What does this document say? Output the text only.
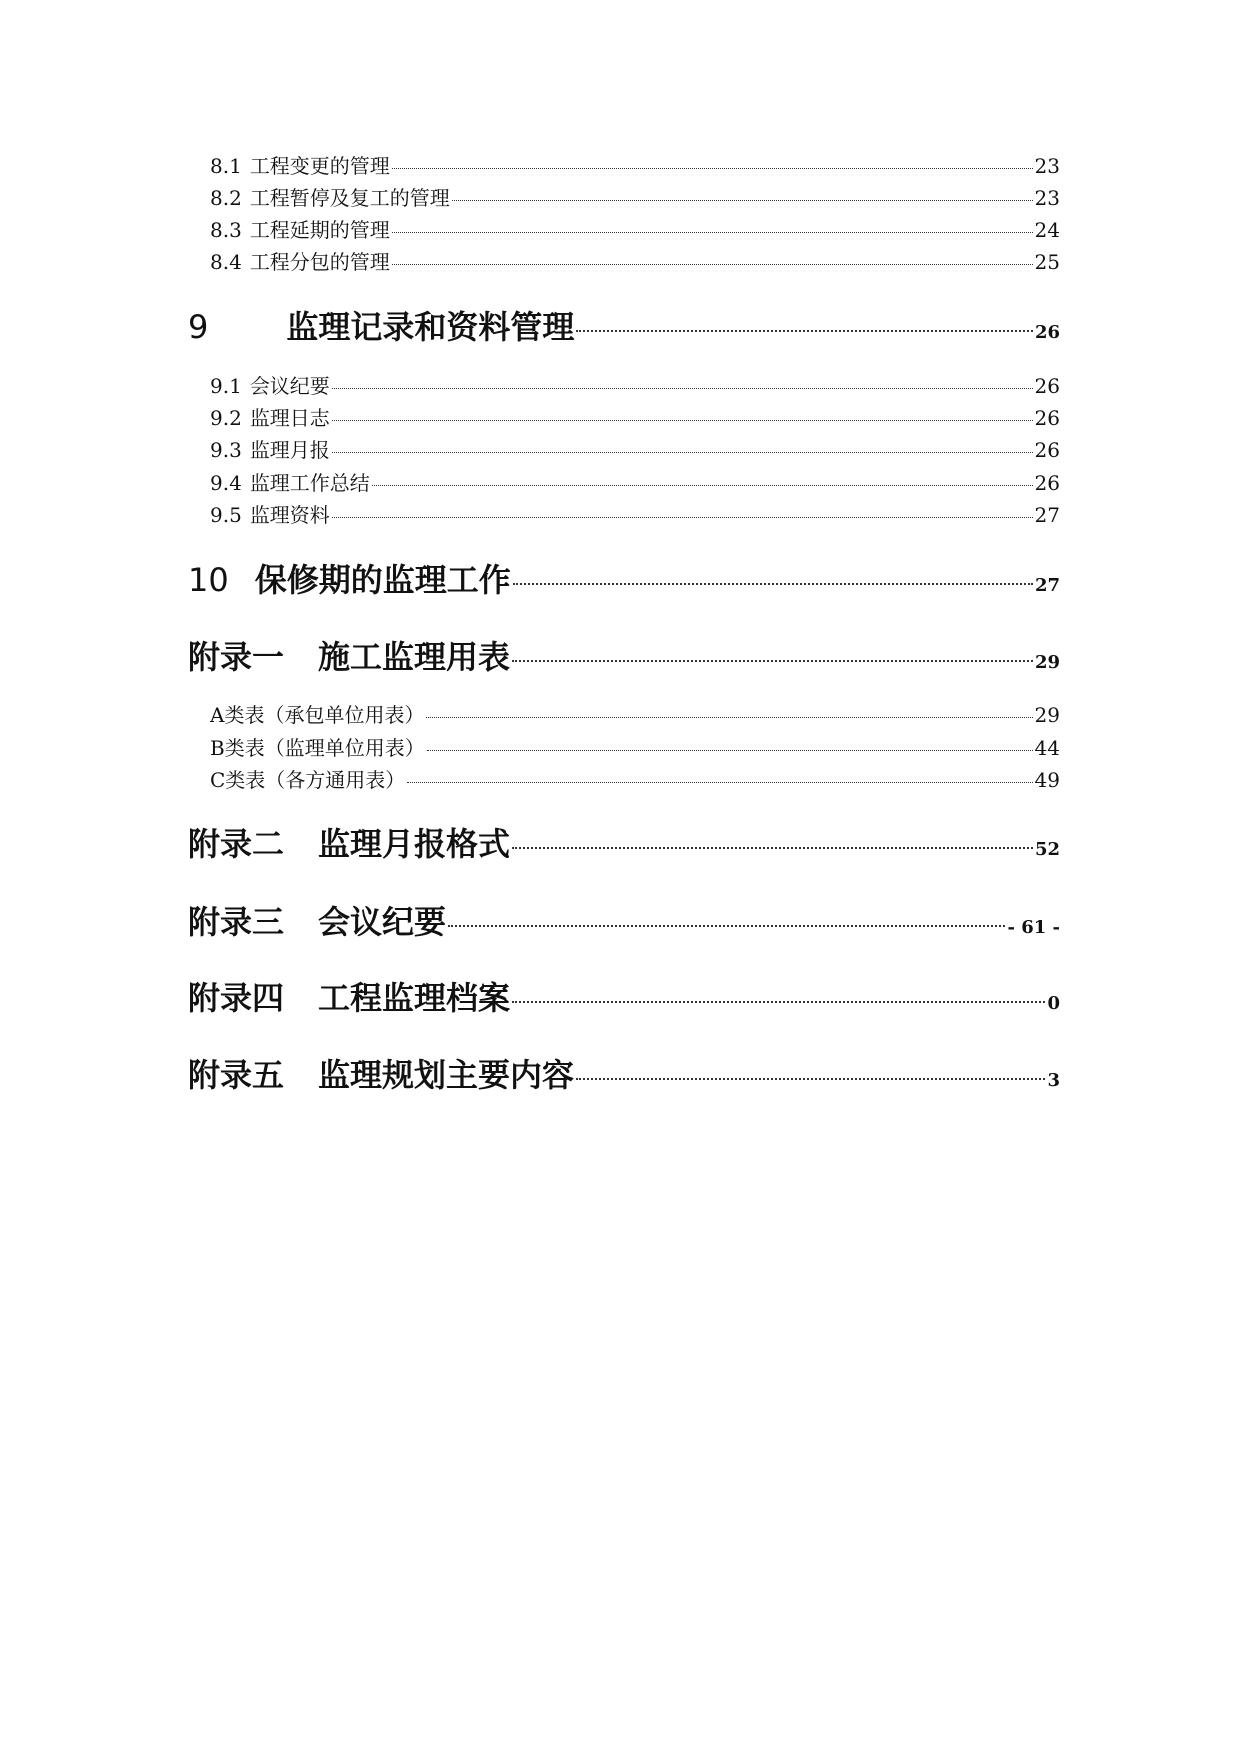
8.1 工程变更的管理	23
8.2 工程暂停及复工的管理	23
8.3 工程延期的管理	24
8.4 工程分包的管理	25
9 监理记录和资料管理	26
9.1 会议纪要	26
9.2 监理日志	26
9.3 监理月报	26
9.4 监理工作总结	26
9.5 监理资料	27
10 保修期的监理工作	27
附录一 施工监理用表	29
A类表（承包单位用表）	29
B类表（监理单位用表）	44
C类表（各方通用表）	49
附录二 监理月报格式	52
附录三 会议纪要	- 61 -
附录四 工程监理档案	0
附录五 监理规划主要内容	3
